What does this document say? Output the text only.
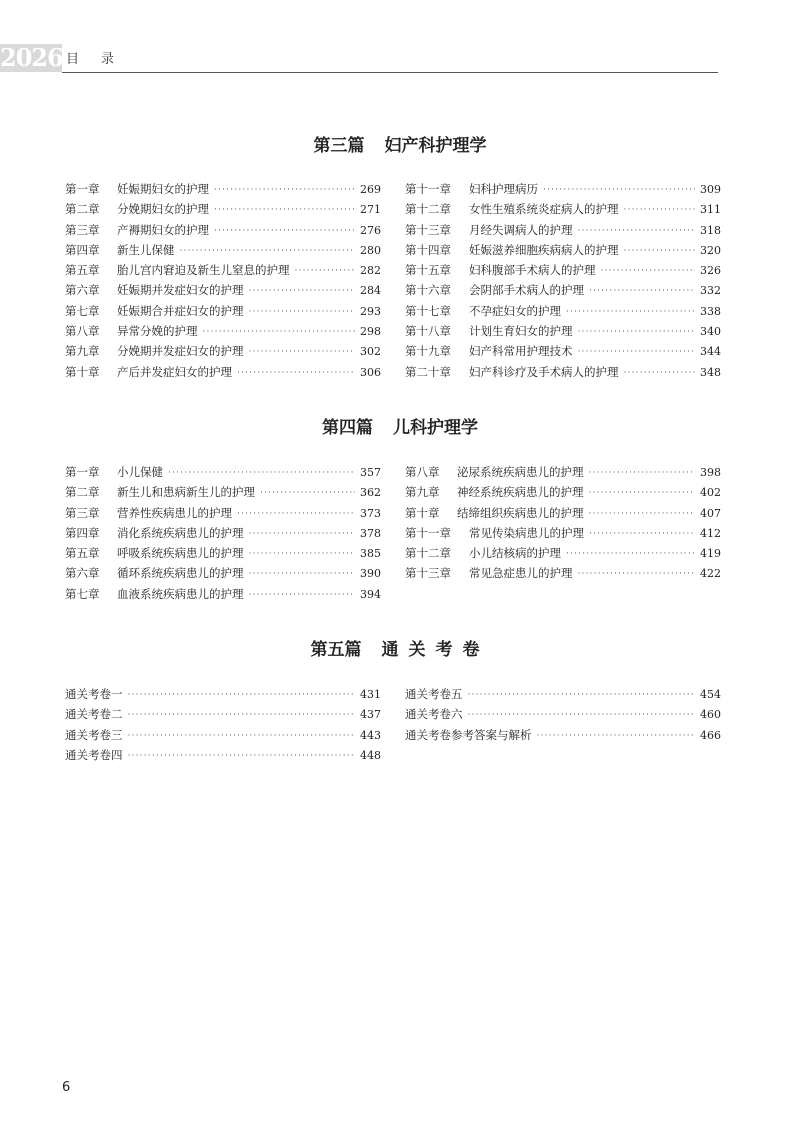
2026 目录
第三篇 妇产科护理学
第一章	妊娠期妇女的护理 ·····	269
第二章	分娩期妇女的护理 ·····	271
第三章	产褥期妇女的护理 ·····	276
第四章	新生儿保健 ·····	280
第五章	胎儿宫内窘迫及新生儿窒息的护理 ·····	282
第六章	妊娠期并发症妇女的护理 ·····	284
第七章	妊娠期合并症妇女的护理 ·····	293
第八章	异常分娩的护理 ·····	298
第九章	分娩期并发症妇女的护理 ·····	302
第十章	产后并发症妇女的护理 ·····	306
第十一章	妇科护理病历 ·····	309
第十二章	女性生殖系统炎症病人的护理 ·····	311
第十三章	月经失调病人的护理 ·····	318
第十四章	妊娠滋养细胞疾病病人的护理 ·····	320
第十五章	妇科腹部手术病人的护理 ·····	326
第十六章	会阴部手术病人的护理 ·····	332
第十七章	不孕症妇女的护理 ·····	338
第十八章	计划生育妇女的护理 ·····	340
第十九章	妇产科常用护理技术 ·····	344
第二十章	妇产科诊疗及手术病人的护理 ·····	348
第四篇 儿科护理学
第一章	小儿保健 ·····	357
第二章	新生儿和患病新生儿的护理 ·····	362
第三章	营养性疾病患儿的护理 ·····	373
第四章	消化系统疾病患儿的护理 ·····	378
第五章	呼吸系统疾病患儿的护理 ·····	385
第六章	循环系统疾病患儿的护理 ·····	390
第七章	血液系统疾病患儿的护理 ·····	394
第八章	泌尿系统疾病患儿的护理 ·····	398
第九章	神经系统疾病患儿的护理 ·····	402
第十章	结缔组织疾病患儿的护理 ·····	407
第十一章	常见传染病患儿的护理 ·····	412
第十二章	小儿结核病的护理 ·····	419
第十三章	常见急症患儿的护理 ·····	422
第五篇 通关考卷
通关考卷一 ·····	431
通关考卷二 ·····	437
通关考卷三 ·····	443
通关考卷四 ·····	448
通关考卷五 ·····	454
通关考卷六 ·····	460
通关考卷参考答案与解析 ·····	466
6
